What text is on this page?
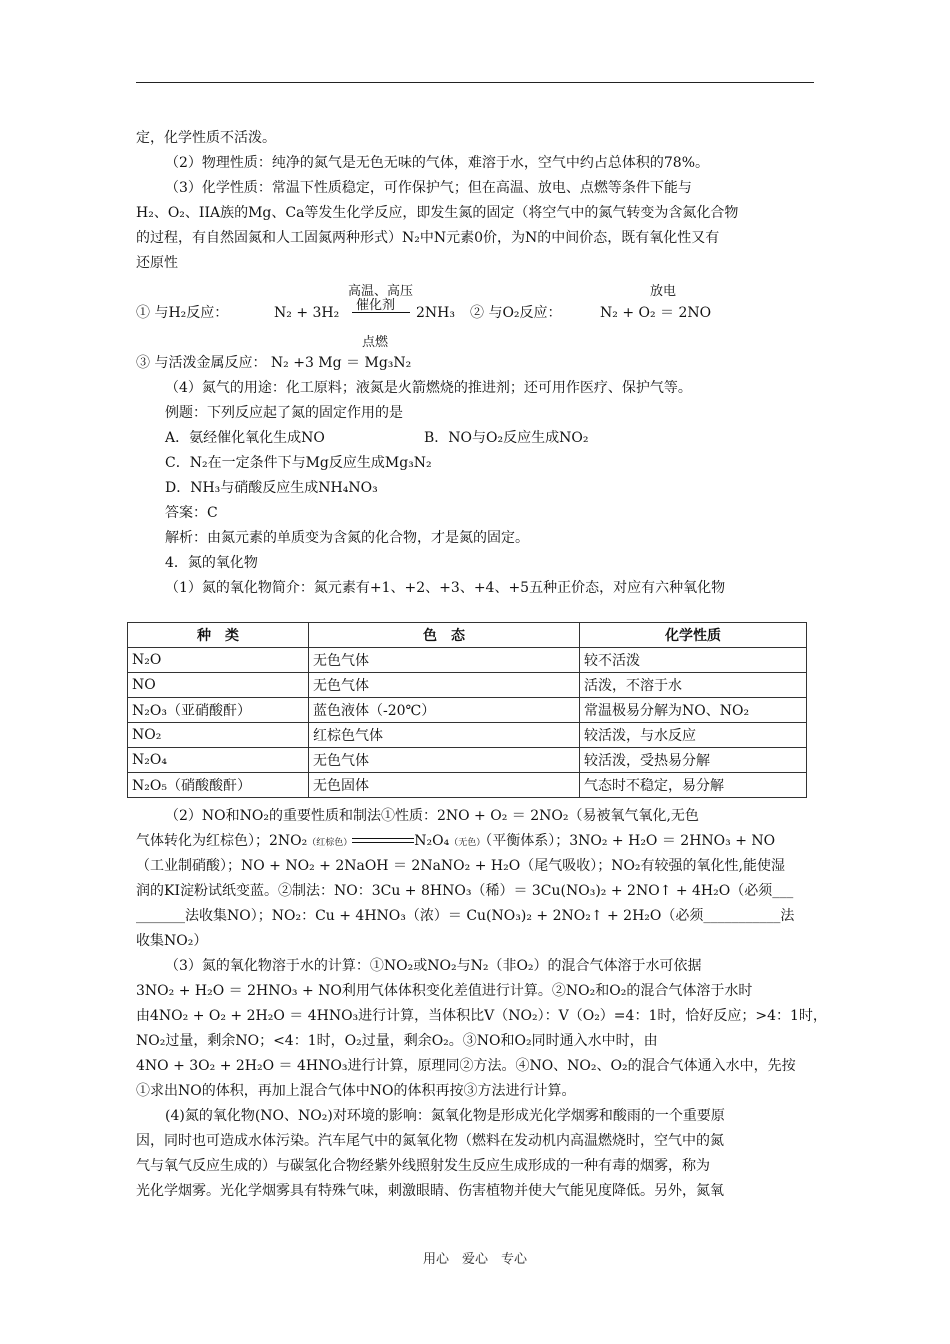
定，化学性质不活泼。
（2）物理性质：纯净的氮气是无色无味的气体，难溶于水，空气中约占总体积的78%。
（3）化学性质：常温下性质稳定，可作保护气；但在高温、放电、点燃等条件下能与
H₂、O₂、IIA族的Mg、Ca等发生化学反应，即发生氮的固定（将空气中的氮气转变为含氮化合物
的过程，有自然固氮和人工固氮两种形式）N₂中N元素0价，为N的中间价态，既有氧化性又有
还原性
高温、高压
催化剂
放电
① 与H₂反应：	N₂ + 3H₂	2NH₃	② 与O₂反应：	N₂ + O₂ ＝ 2NO
点燃
③ 与活泼金属反应： N₂ +3 Mg ＝ Mg₃N₂
（4）氮气的用途：化工原料；液氮是火箭燃烧的推进剂；还可用作医疗、保护气等。
例题：下列反应起了氮的固定作用的是
A．氨经催化氧化生成NO	B．NO与O₂反应生成NO₂
C．N₂在一定条件下与Mg反应生成Mg₃N₂
D．NH₃与硝酸反应生成NH₄NO₃
答案：C
解析：由氮元素的单质变为含氮的化合物，才是氮的固定。
4．氮的氧化物
（1）氮的氧化物简介：氮元素有+1、+2、+3、+4、+5五种正价态，对应有六种氧化物
种　类	色　态	化学性质
N₂O	无色气体	较不活泼
NO	无色气体	活泼，不溶于水
N₂O₃（亚硝酸酐）	蓝色液体（-20℃）	常温极易分解为NO、NO₂
NO₂	红棕色气体	较活泼，与水反应
N₂O₄	无色气体	较活泼，受热易分解
N₂O₅（硝酸酸酐）	无色固体	气态时不稳定，易分解
（2）NO和NO₂的重要性质和制法①性质：2NO + O₂ ＝ 2NO₂（易被氧气氧化,无色
气体转化为红棕色）；2NO₂（红棕色）	N₂O₄（无色）（平衡体系）；3NO₂ + H₂O ＝ 2HNO₃ + NO
（工业制硝酸）；NO + NO₂ + 2NaOH ＝ 2NaNO₂ + H₂O（尾气吸收）；NO₂有较强的氧化性,能使湿
润的KI淀粉试纸变蓝。②制法：NO：3Cu + 8HNO₃（稀）＝ 3Cu(NO₃)₂ + 2NO↑ + 4H₂O（必须___
_______法收集NO）；NO₂：Cu + 4HNO₃（浓）＝ Cu(NO₃)₂ + 2NO₂↑ + 2H₂O（必须___________法
收集NO₂）
（3）氮的氧化物溶于水的计算：①NO₂或NO₂与N₂（非O₂）的混合气体溶于水可依据
3NO₂ + H₂O ＝ 2HNO₃ + NO利用气体体积变化差值进行计算。②NO₂和O₂的混合气体溶于水时
由4NO₂ + O₂ + 2H₂O ＝ 4HNO₃进行计算，当体积比V（NO₂）：V（O₂）=4：1时，恰好反应；>4：1时，
NO₂过量，剩余NO；<4：1时，O₂过量，剩余O₂。③NO和O₂同时通入水中时，由
4NO + 3O₂ + 2H₂O ＝ 4HNO₃进行计算，原理同②方法。④NO、NO₂、O₂的混合气体通入水中，先按
①求出NO的体积，再加上混合气体中NO的体积再按③方法进行计算。
(4)氮的氧化物(NO、NO₂)对环境的影响：氮氧化物是形成光化学烟雾和酸雨的一个重要原
因，同时也可造成水体污染。汽车尾气中的氮氧化物（燃料在发动机内高温燃烧时，空气中的氮
气与氧气反应生成的）与碳氢化合物经紫外线照射发生反应生成形成的一种有毒的烟雾，称为
光化学烟雾。光化学烟雾具有特殊气味，刺激眼睛、伤害植物并使大气能见度降低。另外，氮氧
用心　爱心　专心
